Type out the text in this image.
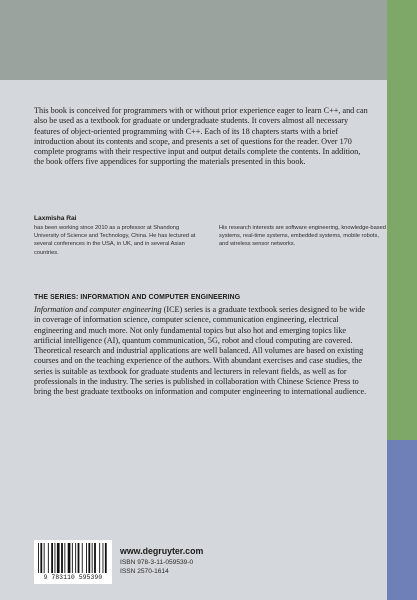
This book is conceived for programmers with or without prior experience eager to learn C++, and can also be used as a textbook for graduate or undergraduate students. It covers almost all necessary features of object-oriented programming with C++. Each of its 18 chapters starts with a brief introduction about its contents and scope, and presents a set of questions for the reader. Over 170 complete programs with their respective input and output details complete the contents. In addition, the book offers five appendices for supporting the materials presented in this book.

Laxmisha Rai

has been working since 2010 as a professor at Shandong University of Science and Technology, China. He has lectured at several conferences in the USA, in UK, and in several Asian countries.

His research interests are software engineering, knowledge-based systems, real-time systems, embedded systems, mobile robots, and wireless sensor networks.

THE SERIES: INFORMATION AND COMPUTER ENGINEERING

Information and computer engineering (ICE) series is a graduate textbook series designed to be wide in coverage of information science, computer science, communication engineering, electrical engineering and much more. Not only fundamental topics but also hot and emerging topics like artificial intelligence (AI), quantum communication, 5G, robot and cloud computing are covered. Theoretical research and industrial applications are well balanced. All volumes are based on existing courses and on the teaching experience of the authors. With abundant exercises and case studies, the series is suitable as textbook for graduate students and lecturers in relevant fields, as well as for professionals in the industry. The series is published in collaboration with Chinese Science Press to bring the best graduate textbooks on information and computer engineering to international audience.

9 783110 595390

www.degruyter.com

ISBN 978-3-11-059539-0

ISSN 2570-1614
